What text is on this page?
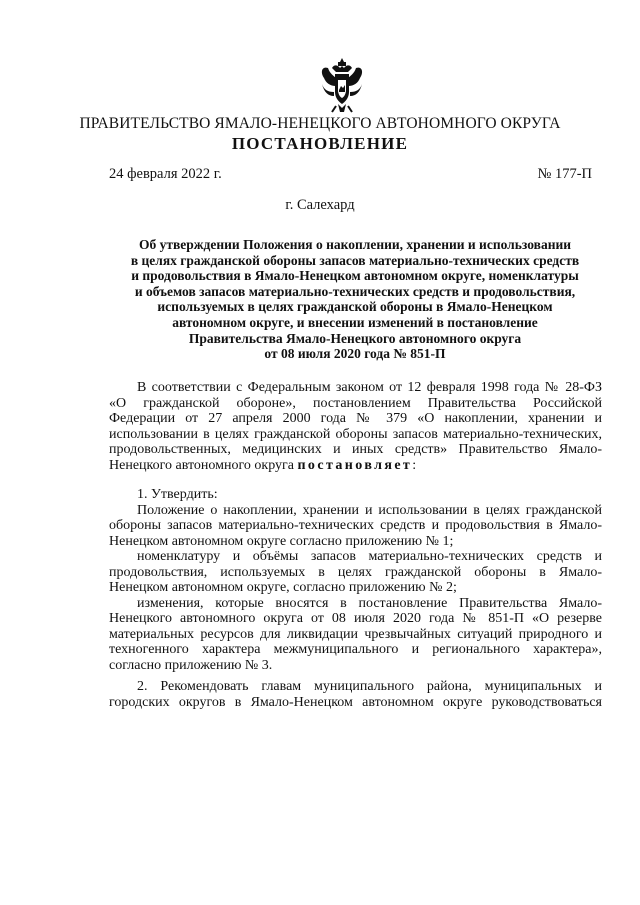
ПРАВИТЕЛЬСТВО ЯМАЛО-НЕНЕЦКОГО АВТОНОМНОГО ОКРУГА
ПОСТАНОВЛЕНИЕ
24 февраля 2022 г.	№ 177-П
г. Салехард
Об утверждении Положения о накоплении, хранении и использовании
в целях гражданской обороны запасов материально-технических средств
и продовольствия в Ямало-Ненецком автономном округе, номенклатуры
и объемов запасов материально-технических средств и продовольствия,
используемых в целях гражданской обороны в Ямало-Ненецком
автономном округе, и внесении изменений в постановление
Правительства Ямало-Ненецкого автономного округа
от 08 июля 2020 года № 851-П
В соответствии с Федеральным законом от 12 февраля 1998 года № 28-ФЗ
«О гражданской обороне», постановлением Правительства Российской
Федерации от 27 апреля 2000 года № 379 «О накоплении, хранении и
использовании в целях гражданской обороны запасов материально-технических,
продовольственных, медицинских и иных средств» Правительство Ямало-
Ненецкого автономного округа постановляет:
1. Утвердить:
Положение о накоплении, хранении и использовании в целях гражданской
обороны запасов материально-технических средств и продовольствия в Ямало-
Ненецком автономном округе согласно приложению № 1;
номенклатуру и объёмы запасов материально-технических средств и
продовольствия, используемых в целях гражданской обороны в Ямало-
Ненецком автономном округе, согласно приложению № 2;
изменения, которые вносятся в постановление Правительства Ямало-
Ненецкого автономного округа от 08 июля 2020 года № 851-П «О резерве
материальных ресурсов для ликвидации чрезвычайных ситуаций природного и
техногенного характера межмуниципального и регионального характера»,
согласно приложению № 3.
2. Рекомендовать главам муниципального района, муниципальных и
городских округов в Ямало-Ненецком автономном округе руководствоваться
